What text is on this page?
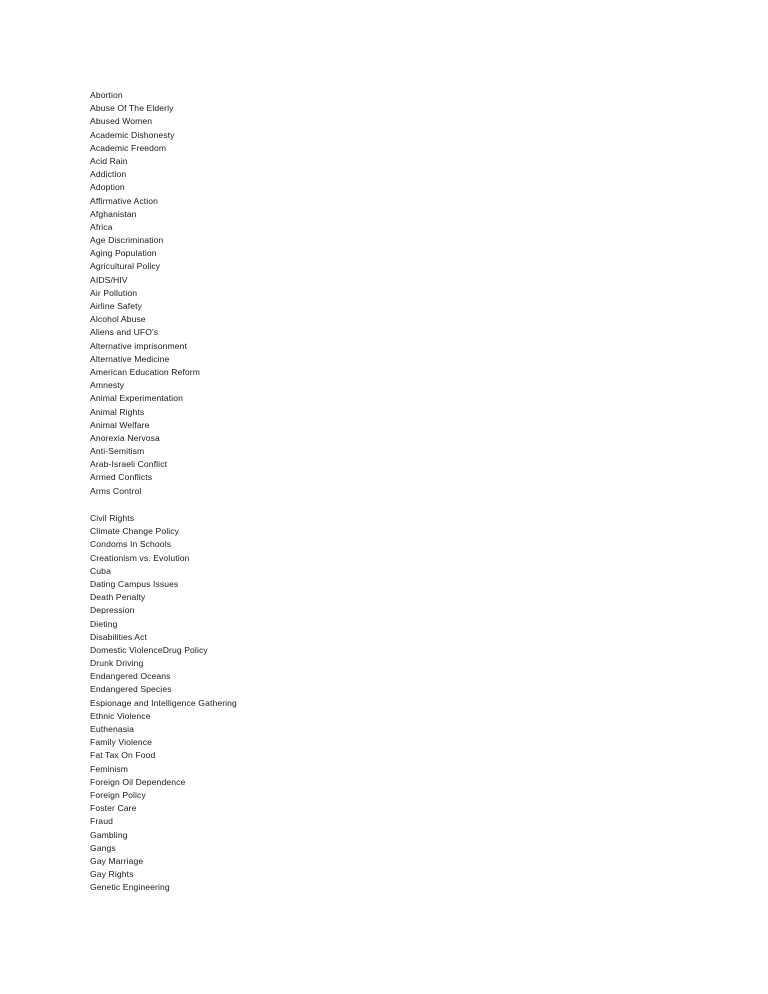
Abortion
Abuse Of The Elderly
Abused Women
Academic Dishonesty
Academic Freedom
Acid Rain
Addiction
Adoption
Affirmative Action
Afghanistan
Africa
Age Discrimination
Aging Population
Agricultural Policy
AIDS/HIV
Air Pollution
Airline Safety
Alcohol Abuse
Aliens and UFO's
Alternative imprisonment
Alternative Medicine
American Education Reform
Amnesty
Animal Experimentation
Animal Rights
Animal Welfare
Anorexia Nervosa
Anti-Semitism
Arab-Israeli Conflict
Armed Conflicts
Arms Control
Civil Rights
Climate Change Policy
Condoms In Schools
Creationism vs. Evolution
Cuba
Dating Campus Issues
Death Penalty
Depression
Dieting
Disabilities Act
Domestic ViolenceDrug Policy
Drunk Driving
Endangered Oceans
Endangered Species
Espionage and Intelligence Gathering
Ethnic Violence
Euthenasia
Family Violence
Fat Tax On Food
Feminism
Foreign Oil Dependence
Foreign Policy
Foster Care
Fraud
Gambling
Gangs
Gay Marriage
Gay Rights
Genetic Engineering
